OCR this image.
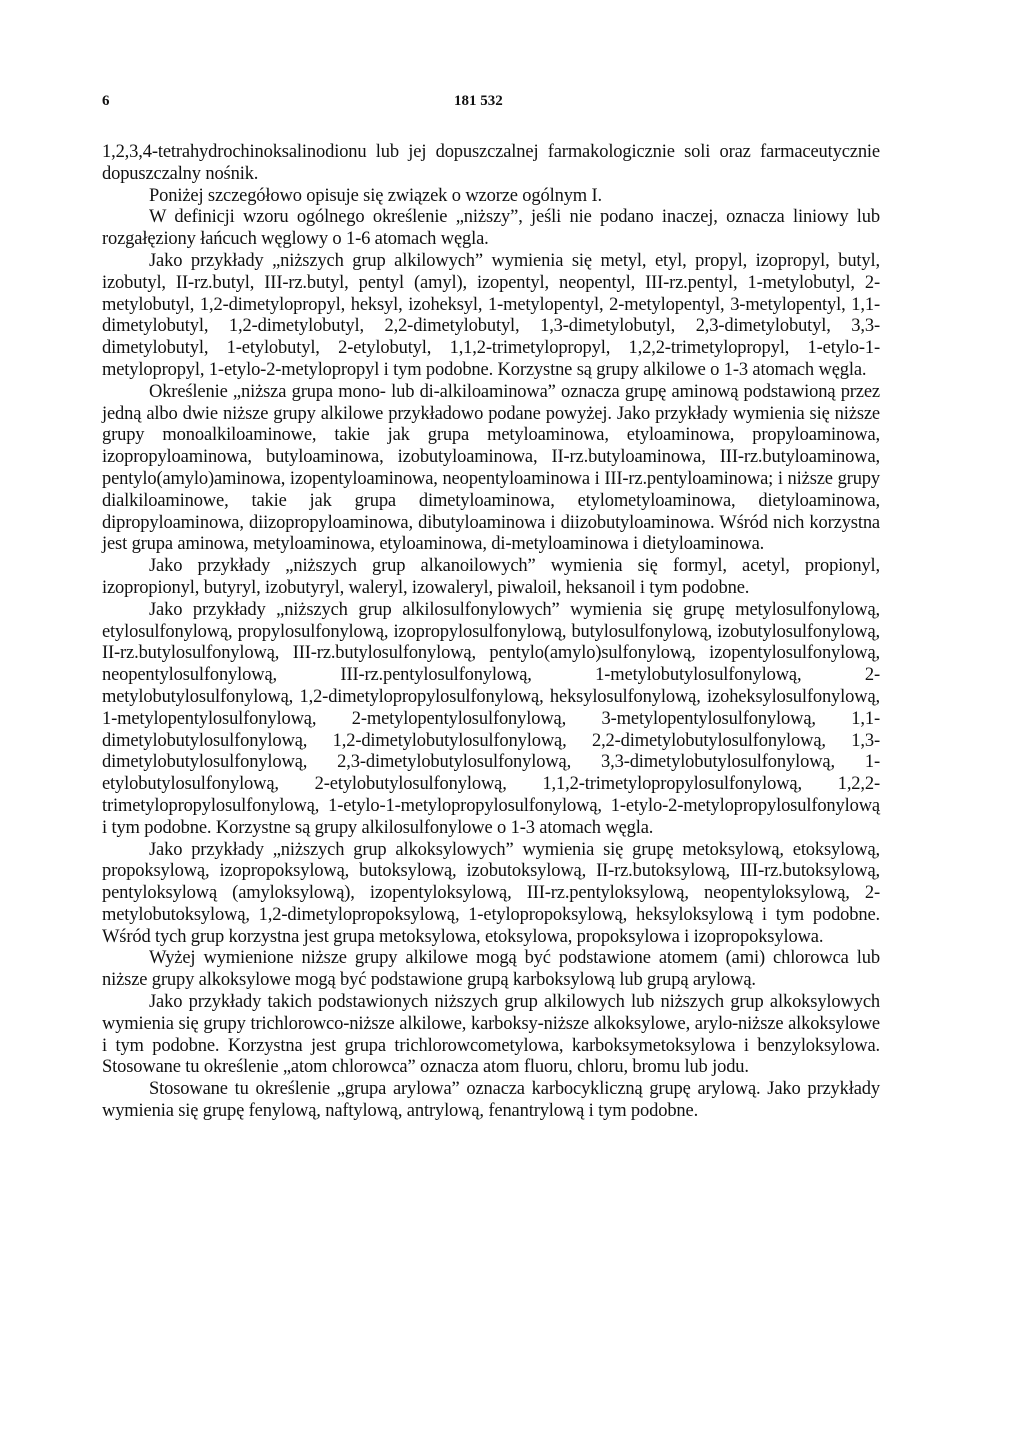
6	181 532

1,2,3,4-tetrahydrochinoksalinodionu lub jej dopuszczalnej farmakologicznie soli oraz farmaceutycznie dopuszczalny nośnik.

Poniżej szczegółowo opisuje się związek o wzorze ogólnym I.

W definicji wzoru ogólnego określenie „niższy”, jeśli nie podano inaczej, oznacza liniowy lub rozgałęziony łańcuch węglowy o 1-6 atomach węgla.

Jako przykłady „niższych grup alkilowych” wymienia się metyl, etyl, propyl, izopropyl, butyl, izobutyl, II-rz.butyl, III-rz.butyl, pentyl (amyl), izopentyl, neopentyl, III-rz.pentyl, 1-metylobutyl, 2-metylobutyl, 1,2-dimetylopropyl, heksyl, izoheksyl, 1-metylopentyl, 2-metylopentyl, 3-metylopentyl, 1,1-dimetylobutyl, 1,2-dimetylobutyl, 2,2-dimetylobutyl, 1,3-dimetylobutyl, 2,3-dimetylobutyl, 3,3-dimetylobutyl, 1-etylobutyl, 2-etylobutyl, 1,1,2-trimetylopropyl, 1,2,2-trimetylopropyl, 1-etylo-1-metylopropyl, 1-etylo-2-metylopropyl i tym podobne. Korzystne są grupy alkilowe o 1-3 atomach węgla.

Określenie „niższa grupa mono- lub di-alkiloaminowa” oznacza grupę aminową podstawioną przez jedną albo dwie niższe grupy alkilowe przykładowo podane powyżej. Jako przykłady wymienia się niższe grupy monoalkiloaminowe, takie jak grupa metyloaminowa, etyloaminowa, propyloaminowa, izopropyloaminowa, butyloaminowa, izobutyloaminowa, II-rz.butyloaminowa, III-rz.butyloaminowa, pentylo(amylo)aminowa, izopentyloaminowa, neopentyloaminowa i III-rz.pentyloaminowa; i niższe grupy dialkiloaminowe, takie jak grupa dimetyloaminowa, etylometyloaminowa, dietyloaminowa, dipropyloaminowa, diizopropyloaminowa, dibutyloaminowa i diizobutyloaminowa. Wśród nich korzystna jest grupa aminowa, metyloaminowa, etyloaminowa, di-metyloaminowa i dietyloaminowa.

Jako przykłady „niższych grup alkanoilowych” wymienia się formyl, acetyl, propionyl, izopropionyl, butyryl, izobutyryl, waleryl, izowaleryl, piwaloil, heksanoil i tym podobne.

Jako przykłady „niższych grup alkilosulfonylowych” wymienia się grupę metylosulfonylową, etylosulfonylową, propylosulfonylową, izopropylosulfonylową, butylosulfonylową, izobutylosulfonylową, II-rz.butylosulfonylową, III-rz.butylosulfonylową, pentylo(amylo)sulfonylową, izopentylosulfonylową, neopentylosulfonylową, III-rz.pentylosulfonylową, 1-metylobutylosulfonylową, 2-metylobutylosulfonylową, 1,2-dimetylopropylosulfonylową, heksylosulfonylową, izoheksylosulfonylową, 1-metylopentylosulfonylową, 2-metylopentylosulfonylową, 3-metylopentylosulfonylową, 1,1-dimetylobutylosulfonylową, 1,2-dimetylobutylosulfonylową, 2,2-dimetylobutylosulfonylową, 1,3-dimetylobutylosulfonylową, 2,3-dimetylobutylosulfonylową, 3,3-dimetylobutylosulfonylową, 1-etylobutylosulfonylową, 2-etylobutylosulfonylową, 1,1,2-trimetylopropylosulfonylową, 1,2,2-trimetylopropylosulfonylową, 1-etylo-1-metylopropylosulfonylową, 1-etylo-2-metylopropylosulfonylową i tym podobne. Korzystne są grupy alkilosulfonylowe o 1-3 atomach węgla.

Jako przykłady „niższych grup alkoksylowych” wymienia się grupę metoksylową, etoksylową, propoksylową, izopropoksylową, butoksylową, izobutoksylową, II-rz.butoksylową, III-rz.butoksylową, pentyloksylową (amyloksylową), izopentyloksylową, III-rz.pentyloksylową, neopentyloksylową, 2-metylobutoksylową, 1,2-dimetylopropoksylową, 1-etylopropoksylową, heksyloksylową i tym podobne. Wśród tych grup korzystna jest grupa metoksylowa, etoksylowa, propoksylowa i izopropoksylowa.

Wyżej wymienione niższe grupy alkilowe mogą być podstawione atomem (ami) chlorowca lub niższe grupy alkoksylowe mogą być podstawione grupą karboksylową lub grupą arylową.

Jako przykłady takich podstawionych niższych grup alkilowych lub niższych grup alkoksylowych wymienia się grupy trichlorowco-niższe alkilowe, karboksy-niższe alkoksylowe, arylo-niższe alkoksylowe i tym podobne. Korzystna jest grupa trichlorowcometylowa, karboksymetoksylowa i benzyloksylowa. Stosowane tu określenie „atom chlorowca” oznacza atom fluoru, chloru, bromu lub jodu.

Stosowane tu określenie „grupa arylowa” oznacza karbocykliczną grupę arylową. Jako przykłady wymienia się grupę fenylową, naftylową, antrylową, fenantrylową i tym podobne.
